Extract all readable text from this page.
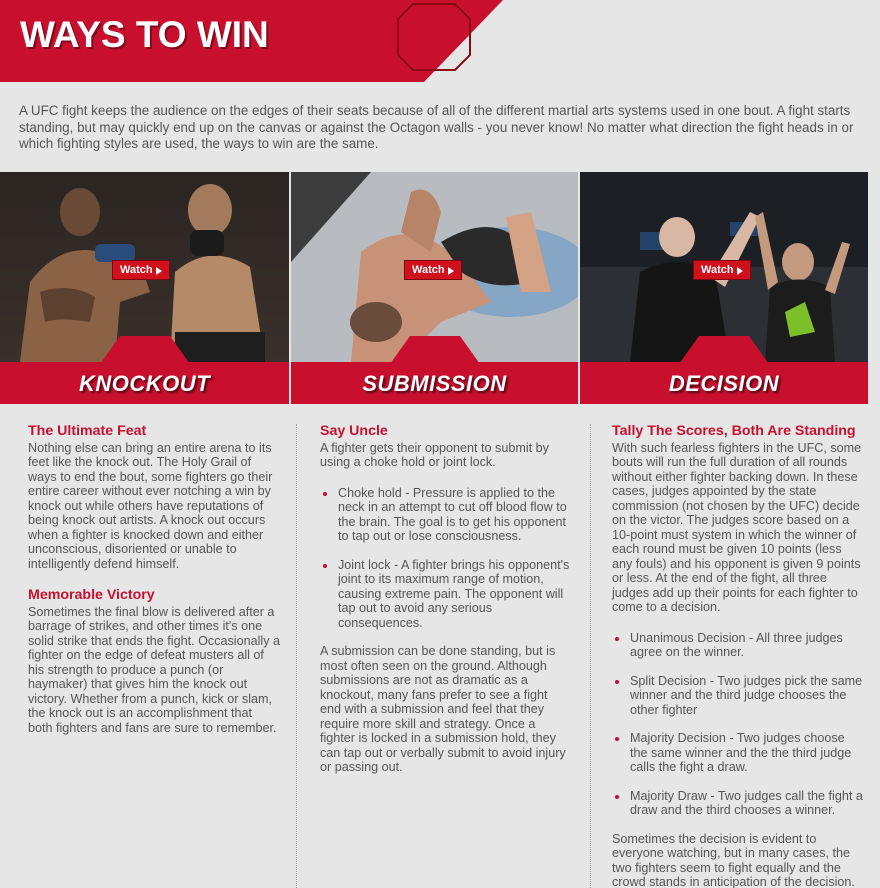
WAYS TO WIN

A UFC fight keeps the audience on the edges of their seats because of all of the different martial arts systems used in one bout. A fight starts standing, but may quickly end up on the canvas or against the Octagon walls - you never know! No matter what direction the fight heads in or which fighting styles are used, the ways to win are the same.

Watch
KNOCKOUT
Watch
SUBMISSION
Watch
DECISION
The Ultimate Feat

Nothing else can bring an entire arena to its feet like the knock out. The Holy Grail of ways to end the bout, some fighters go their entire career without ever notching a win by knock out while others have reputations of being knock out artists. A knock out occurs when a fighter is knocked down and either unconscious, disoriented or unable to intelligently defend himself.

Memorable Victory

Sometimes the final blow is delivered after a barrage of strikes, and other times it's one solid strike that ends the fight. Occasionally a fighter on the edge of defeat musters all of his strength to produce a punch (or haymaker) that gives him the knock out victory. Whether from a punch, kick or slam, the knock out is an accomplishment that both fighters and fans are sure to remember.

Say Uncle

A fighter gets their opponent to submit by using a choke hold or joint lock.

Choke hold - Pressure is applied to the neck in an attempt to cut off blood flow to the brain. The goal is to get his opponent to tap out or lose consciousness.
Joint lock - A fighter brings his opponent's joint to its maximum range of motion, causing extreme pain. The opponent will tap out to avoid any serious consequences.

A submission can be done standing, but is most often seen on the ground. Although submissions are not as dramatic as a knockout, many fans prefer to see a fight end with a submission and feel that they require more skill and strategy. Once a fighter is locked in a submission hold, they can tap out or verbally submit to avoid injury or passing out.

Tally The Scores, Both Are Standing

With such fearless fighters in the UFC, some bouts will run the full duration of all rounds without either fighter backing down. In these cases, judges appointed by the state commission (not chosen by the UFC) decide on the victor. The judges score based on a 10-point must system in which the winner of each round must be given 10 points (less any fouls) and his opponent is given 9 points or less. At the end of the fight, all three judges add up their points for each fighter to come to a decision.

Unanimous Decision - All three judges agree on the winner.
Split Decision - Two judges pick the same winner and the third judge chooses the other fighter
Majority Decision - Two judges choose the same winner and the the third judge calls the fight a draw.
Majority Draw - Two judges call the fight a draw and the third chooses a winner.

Sometimes the decision is evident to everyone watching, but in many cases, the two fighters seem to fight equally and the crowd stands in anticipation of the decision.
